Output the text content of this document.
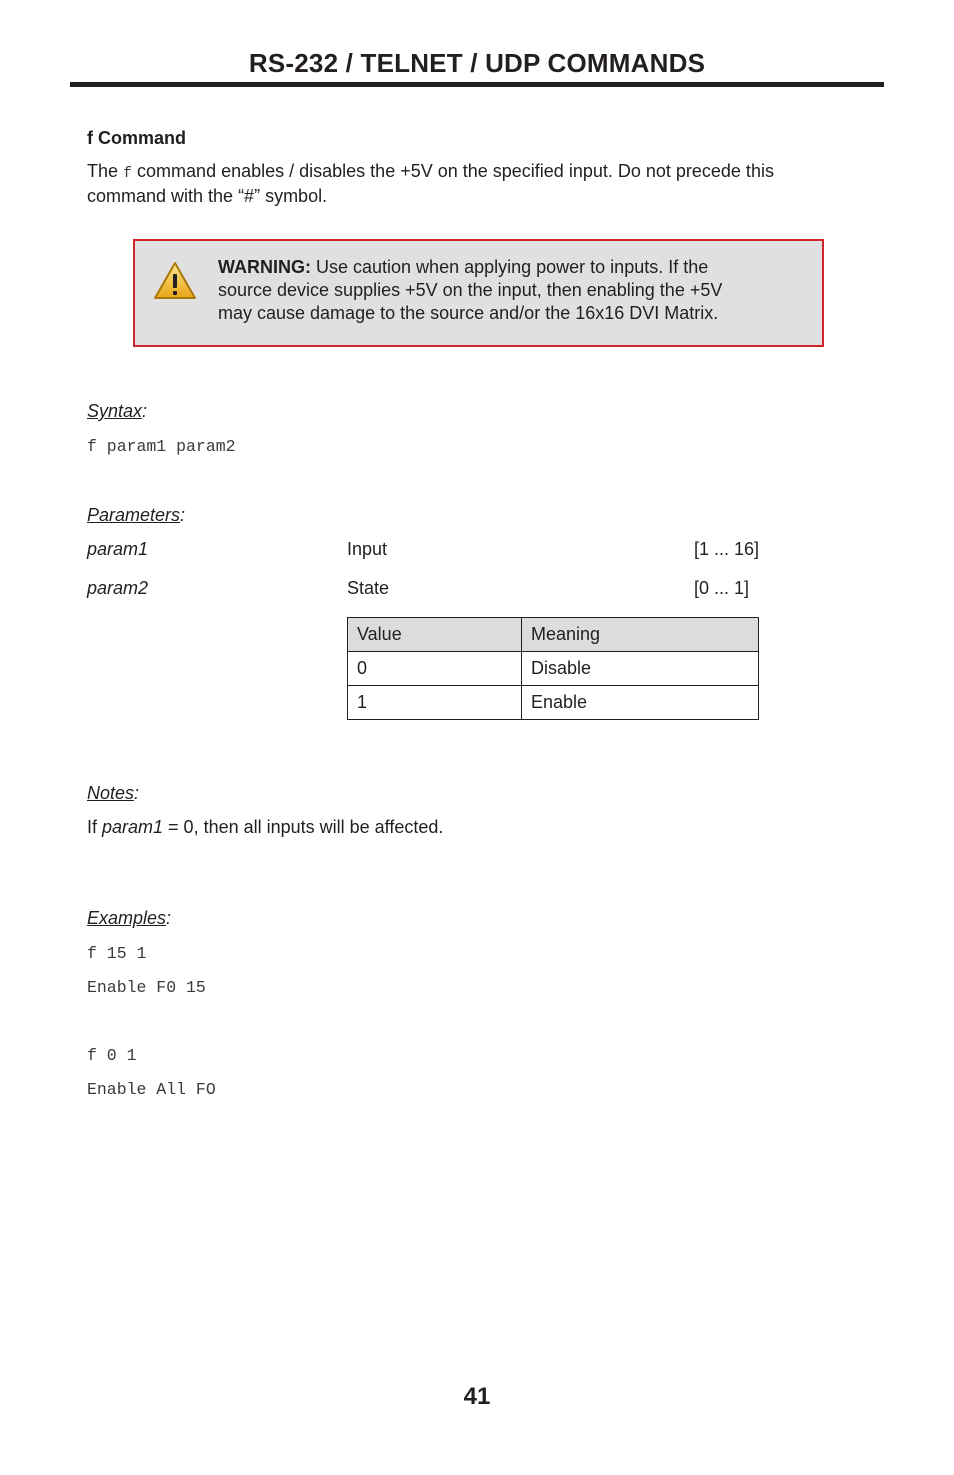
RS-232 / TELNET / UDP COMMANDS
f Command
The f command enables / disables the +5V on the specified input. Do not precede this
command with the “#” symbol.
WARNING: Use caution when applying power to inputs. If the
source device supplies +5V on the input, then enabling the +5V
may cause damage to the source and/or the 16x16 DVI Matrix.
Syntax:
f param1 param2
Parameters:
param1	Input	[1 ... 16]
param2	State	[0 ... 1]
Value	Meaning
0	Disable
1	Enable
Notes:
If param1 = 0, then all inputs will be affected.
Examples:
f 15 1
Enable F0 15
f 0 1
Enable All FO
41
